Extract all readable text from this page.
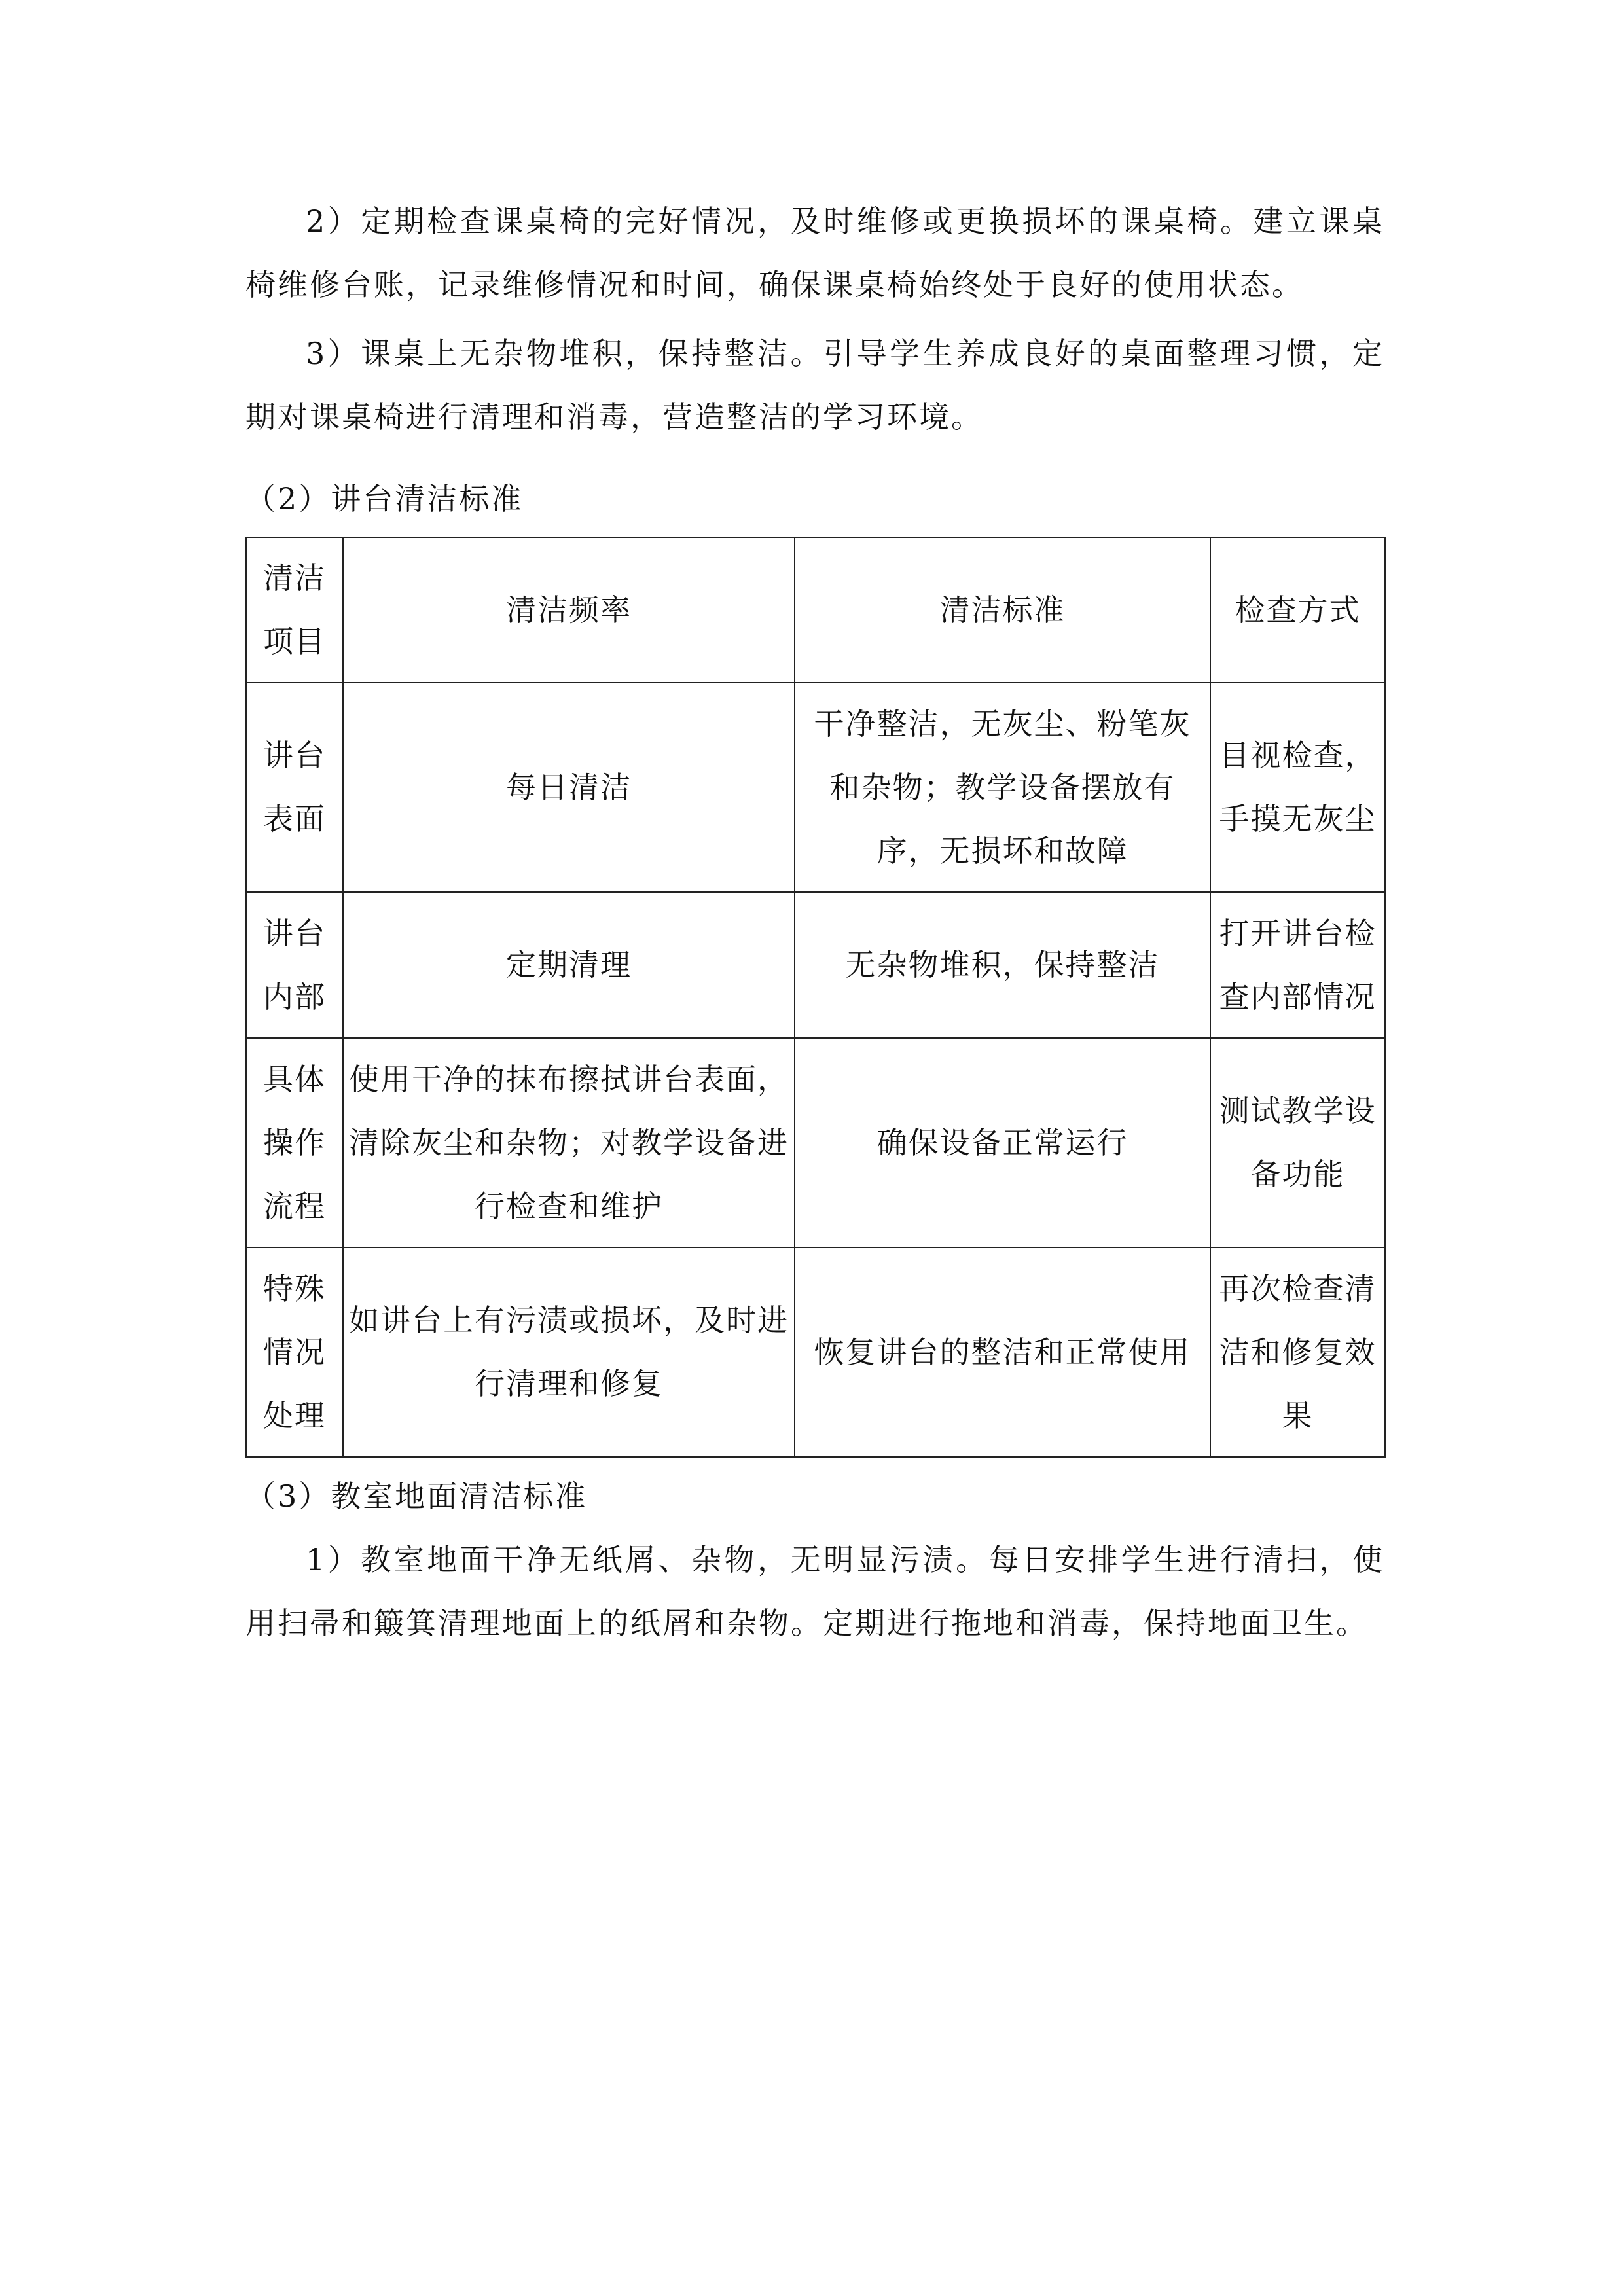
2）定期检查课桌椅的完好情况，及时维修或更换损坏的课桌椅。建立课桌椅维修台账，记录维修情况和时间，确保课桌椅始终处于良好的使用状态。

3）课桌上无杂物堆积，保持整洁。引导学生养成良好的桌面整理习惯，定期对课桌椅进行清理和消毒，营造整洁的学习环境。

（2）讲台清洁标准

清洁项目	清洁频率	清洁标准	检查方式
讲台表面	每日清洁	干净整洁，无灰尘、粉笔灰和杂物；教学设备摆放有序，无损坏和故障	目视检查，手摸无灰尘
讲台内部	定期清理	无杂物堆积，保持整洁	打开讲台检查内部情况
具体操作流程	使用干净的抹布擦拭讲台表面，清除灰尘和杂物；对教学设备进行检查和维护	确保设备正常运行	测试教学设备功能
特殊情况处理	如讲台上有污渍或损坏，及时进行清理和修复	恢复讲台的整洁和正常使用	再次检查清洁和修复效果

（3）教室地面清洁标准

1）教室地面干净无纸屑、杂物，无明显污渍。每日安排学生进行清扫，使用扫帚和簸箕清理地面上的纸屑和杂物。定期进行拖地和消毒，保持地面卫生。
